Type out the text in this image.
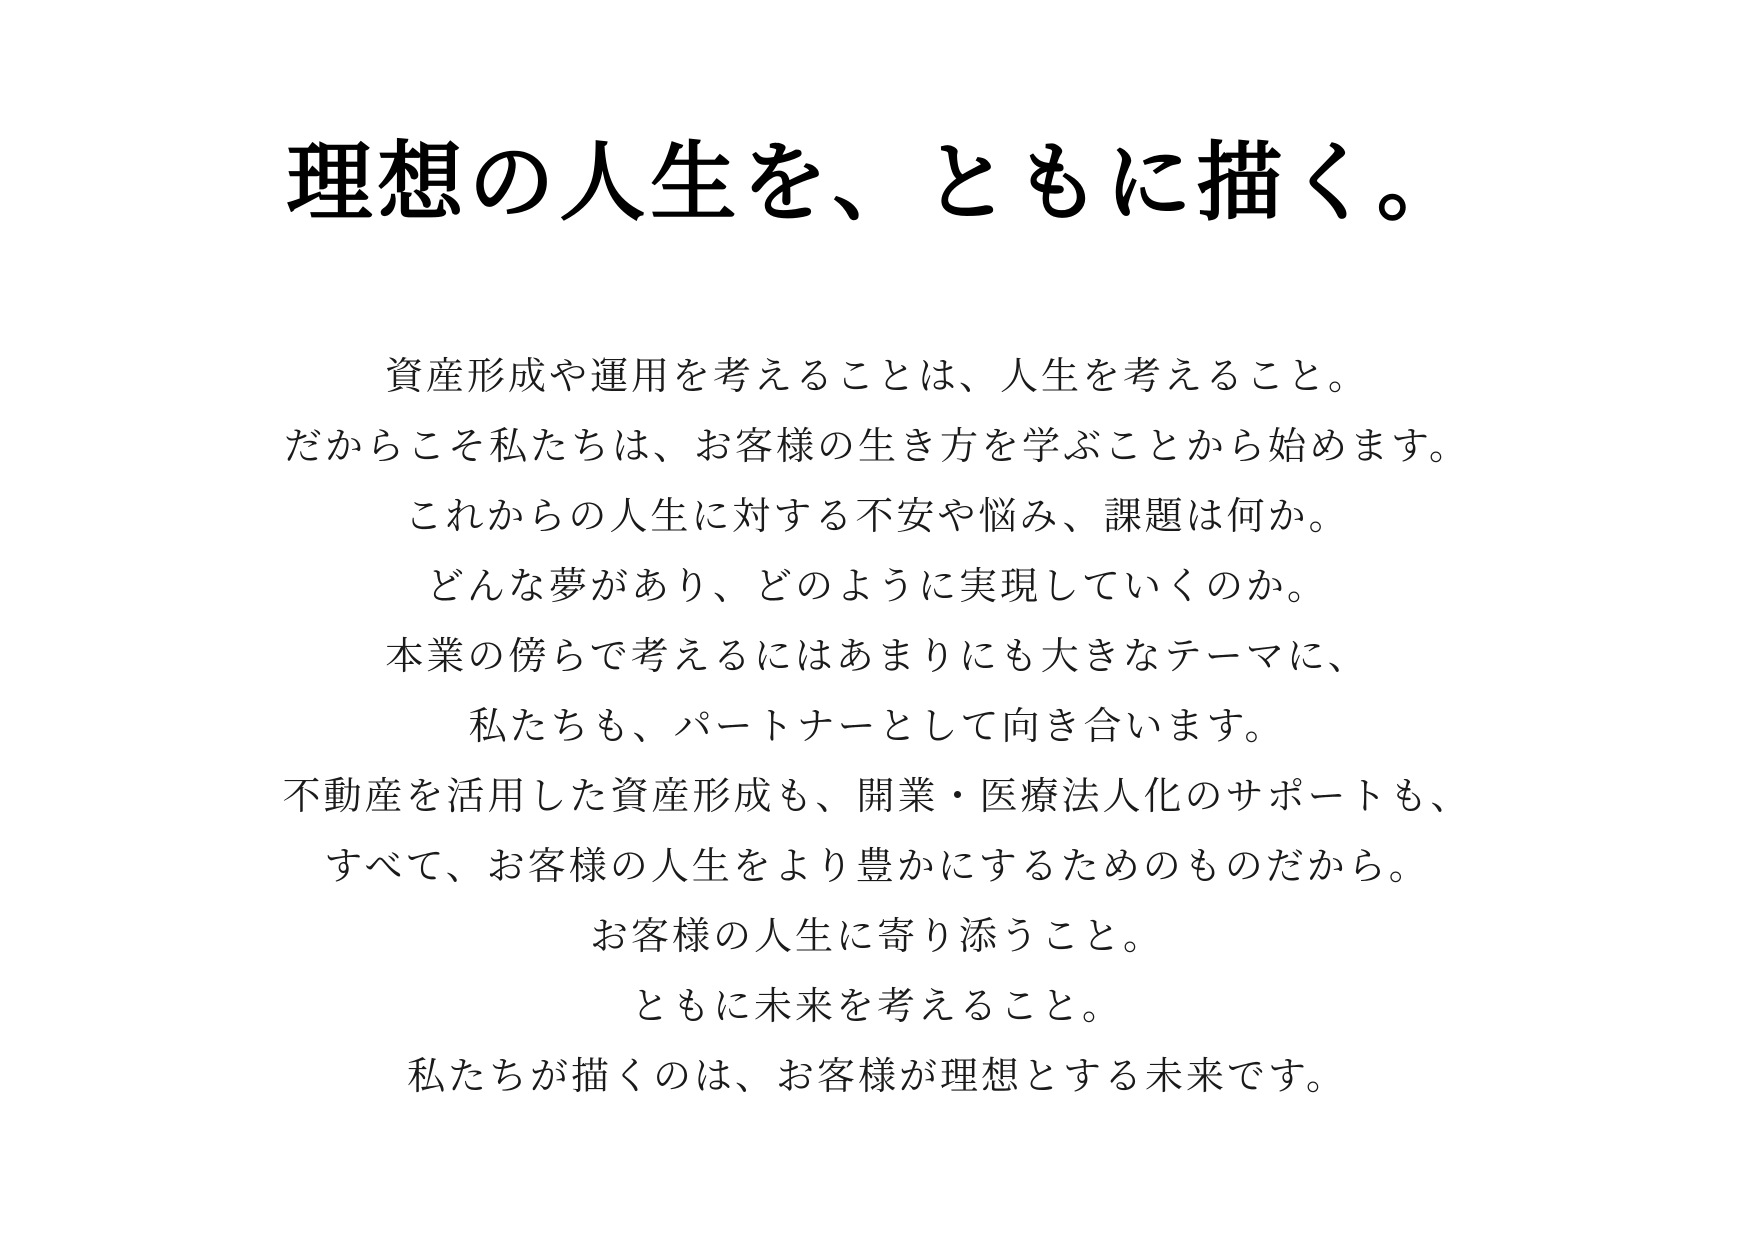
理想の人生を、ともに描く。

資産形成や運用を考えることは、人生を考えること。

だからこそ私たちは、お客様の生き方を学ぶことから始めます。

これからの人生に対する不安や悩み、課題は何か。

どんな夢があり、どのように実現していくのか。

本業の傍らで考えるにはあまりにも大きなテーマに、

私たちも、パートナーとして向き合います。

不動産を活用した資産形成も、開業・医療法人化のサポートも、

すべて、お客様の人生をより豊かにするためのものだから。

お客様の人生に寄り添うこと。

ともに未来を考えること。

私たちが描くのは、お客様が理想とする未来です。
